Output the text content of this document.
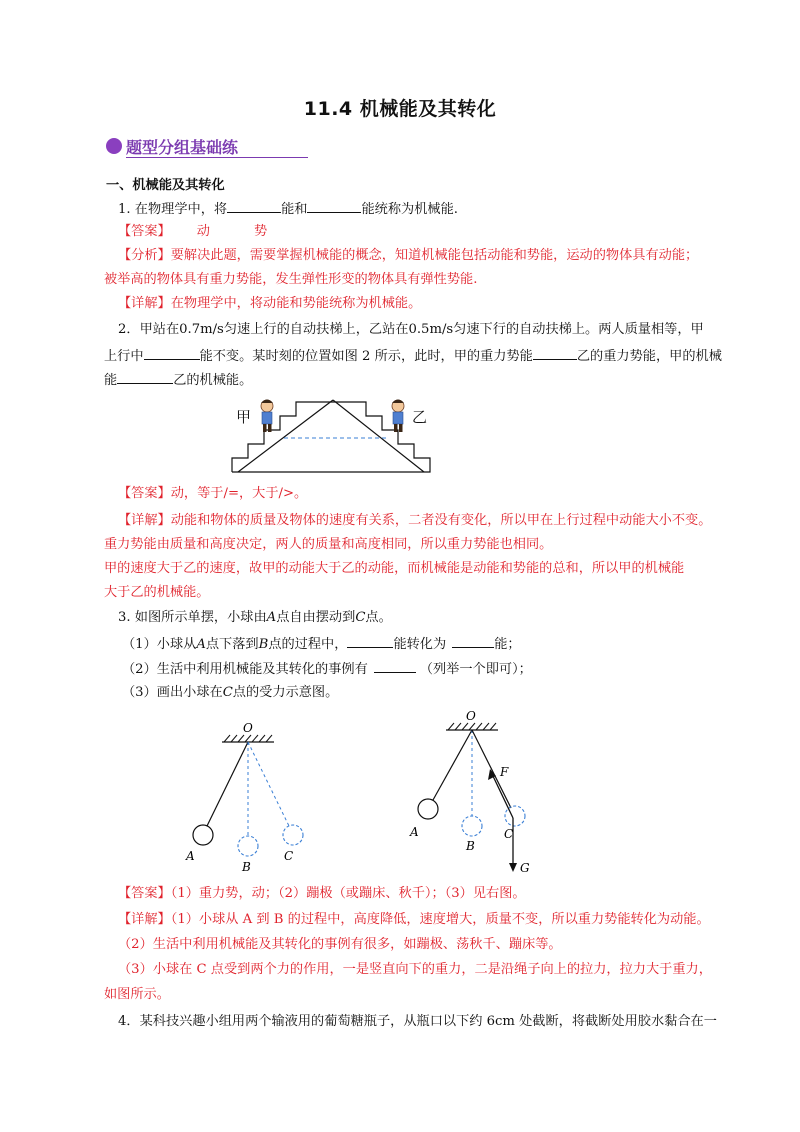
11.4 机械能及其转化
题型分组基础练
一、机械能及其转化
1. 在物理学中，将	能和	能统称为机械能.
【答案】 动	势
【分析】要解决此题，需要掌握机械能的概念，知道机械能包括动能和势能，运动的物体具有动能；
被举高的物体具有重力势能，发生弹性形变的物体具有弹性势能.
【详解】在物理学中，将动能和势能统称为机械能。
2．甲站在0.7m/s匀速上行的自动扶梯上，乙站在0.5m/s匀速下行的自动扶梯上。两人质量相等，甲
上行中	能不变。某时刻的位置如图 2 所示，此时，甲的重力势能	乙的重力势能，甲的机械
能	乙的机械能。
甲	乙
【答案】动，等于/=，大于/>。
【详解】动能和物体的质量及物体的速度有关系，二者没有变化，所以甲在上行过程中动能大小不变。
重力势能由质量和高度决定，两人的质量和高度相同，所以重力势能也相同。
甲的速度大于乙的速度，故甲的动能大于乙的动能，而机械能是动能和势能的总和，所以甲的机械能
大于乙的机械能。
3. 如图所示单摆，小球由A点自由摆动到C点。
（1）小球从A点下落到B点的过程中，	能转化为	能；
（2）生活中利用机械能及其转化的事例有	（列举一个即可）；
（3）画出小球在C点的受力示意图。
O
A
B
C
O
F
G
A
B
C
【答案】（1）重力势，动；（2）蹦极（或蹦床、秋千）；（3）见右图。
【详解】（1）小球从 A 到 B 的过程中，高度降低，速度增大，质量不变，所以重力势能转化为动能。
（2）生活中利用机械能及其转化的事例有很多，如蹦极、荡秋千、蹦床等。
（3）小球在 C 点受到两个力的作用，一是竖直向下的重力，二是沿绳子向上的拉力，拉力大于重力，
如图所示。
4．某科技兴趣小组用两个输液用的葡萄糖瓶子，从瓶口以下约 6cm 处截断，将截断处用胶水黏合在一
